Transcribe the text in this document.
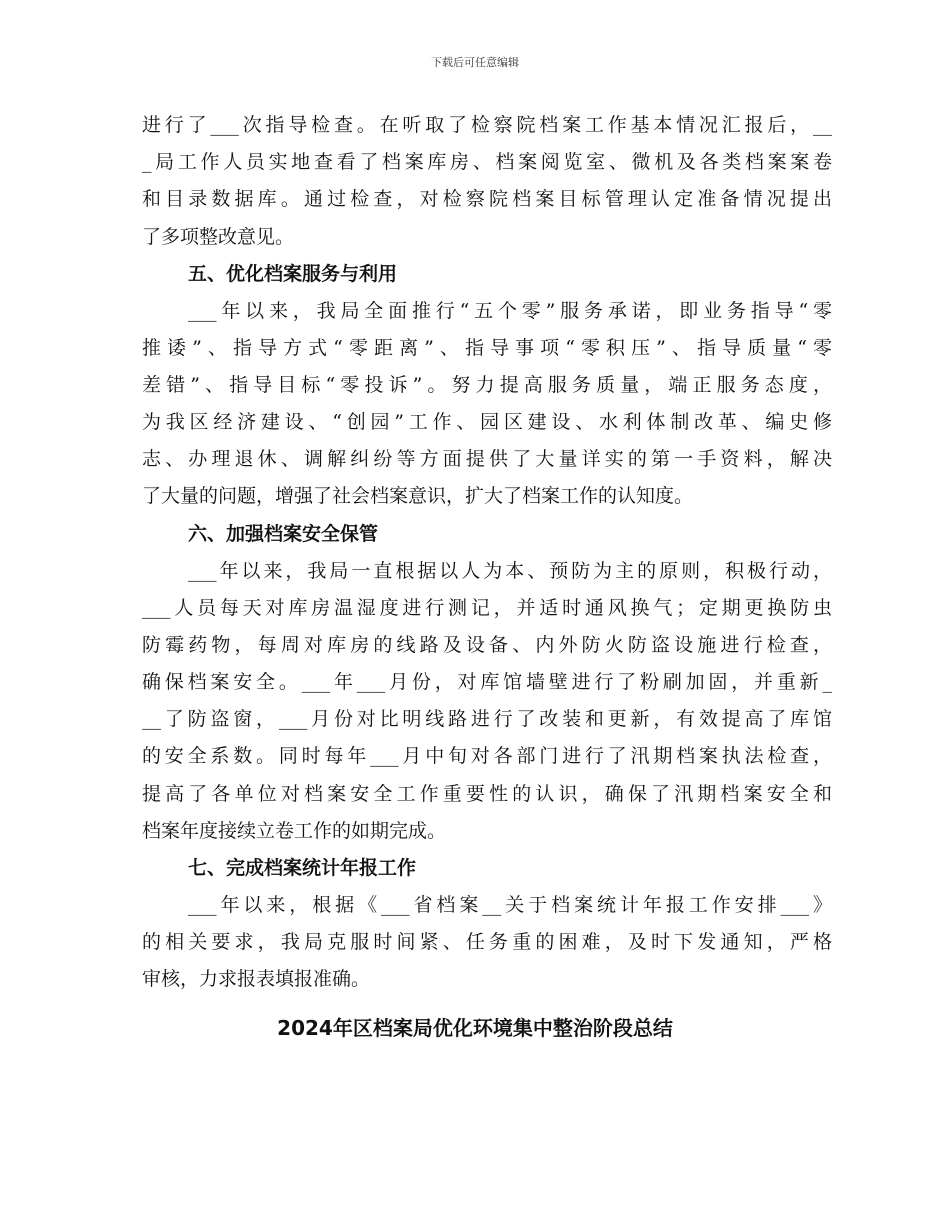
下载后可任意编辑
进行了___次指导检查。在听取了检察院档案工作基本情况汇报后，__
_局工作人员实地查看了档案库房、档案阅览室、微机及各类档案案卷
和目录数据库。通过检查，对检察院档案目标管理认定准备情况提出
了多项整改意见。
五、优化档案服务与利用
___年以来，我局全面推行“五个零”服务承诺，即业务指导“零
推诿”、指导方式“零距离”、指导事项“零积压”、指导质量“零
差错”、指导目标“零投诉”。努力提高服务质量，端正服务态度，
为我区经济建设、“创园”工作、园区建设、水利体制改革、编史修
志、办理退休、调解纠纷等方面提供了大量详实的第一手资料，解决
了大量的问题，增强了社会档案意识，扩大了档案工作的认知度。
六、加强档案安全保管
___年以来，我局一直根据以人为本、预防为主的原则，积极行动，
___人员每天对库房温湿度进行测记，并适时通风换气；定期更换防虫
防霉药物，每周对库房的线路及设备、内外防火防盗设施进行检查，
确保档案安全。___年___月份，对库馆墙壁进行了粉刷加固，并重新_
__了防盗窗，___月份对比明线路进行了改装和更新，有效提高了库馆
的安全系数。同时每年___月中旬对各部门进行了汛期档案执法检查，
提高了各单位对档案安全工作重要性的认识，确保了汛期档案安全和
档案年度接续立卷工作的如期完成。
七、完成档案统计年报工作
___年以来，根据《___省档案__关于档案统计年报工作安排___》
的相关要求，我局克服时间紧、任务重的困难，及时下发通知，严格
审核，力求报表填报准确。
2024年区档案局优化环境集中整治阶段总结
